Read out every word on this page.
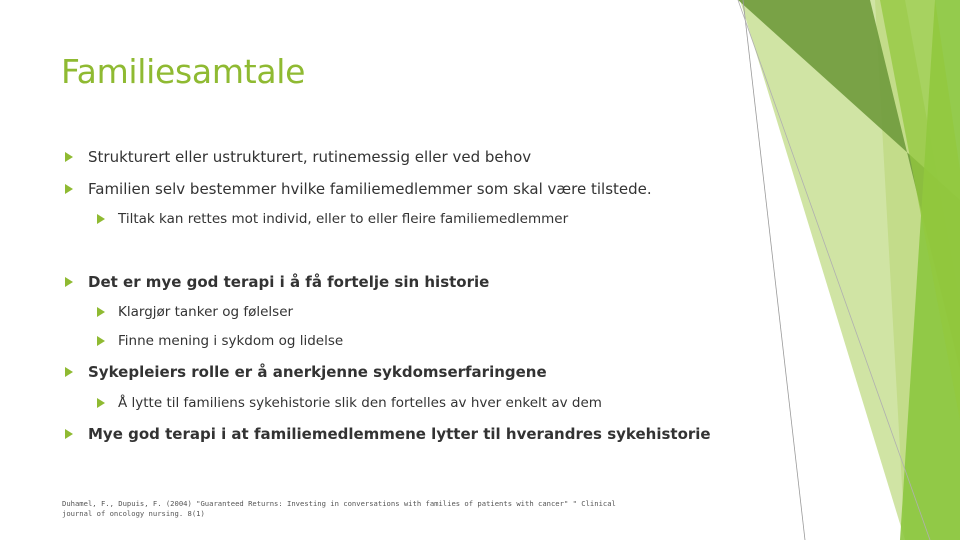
Familiesamtale
Strukturert eller ustrukturert, rutinemessig eller ved behov
Familien selv bestemmer hvilke familiemedlemmer som skal være tilstede.
Tiltak kan rettes mot individ, eller to eller fleire familiemedlemmer
Det er mye god terapi i å få fortelje sin historie
Klargjør tanker og følelser
Finne mening i sykdom og lidelse
Sykepleiers rolle er å anerkjenne sykdomserfaringene
Å lytte til familiens sykehistorie slik den fortelles av hver enkelt av dem
Mye god terapi i at familiemedlemmene lytter til hverandres sykehistorie
Duhamel, F., Dupuis, F. (2004) "Guaranteed Returns: Investing in conversations with families of patients with cancer" " Clinical journal of oncology nursing. 8(1)
